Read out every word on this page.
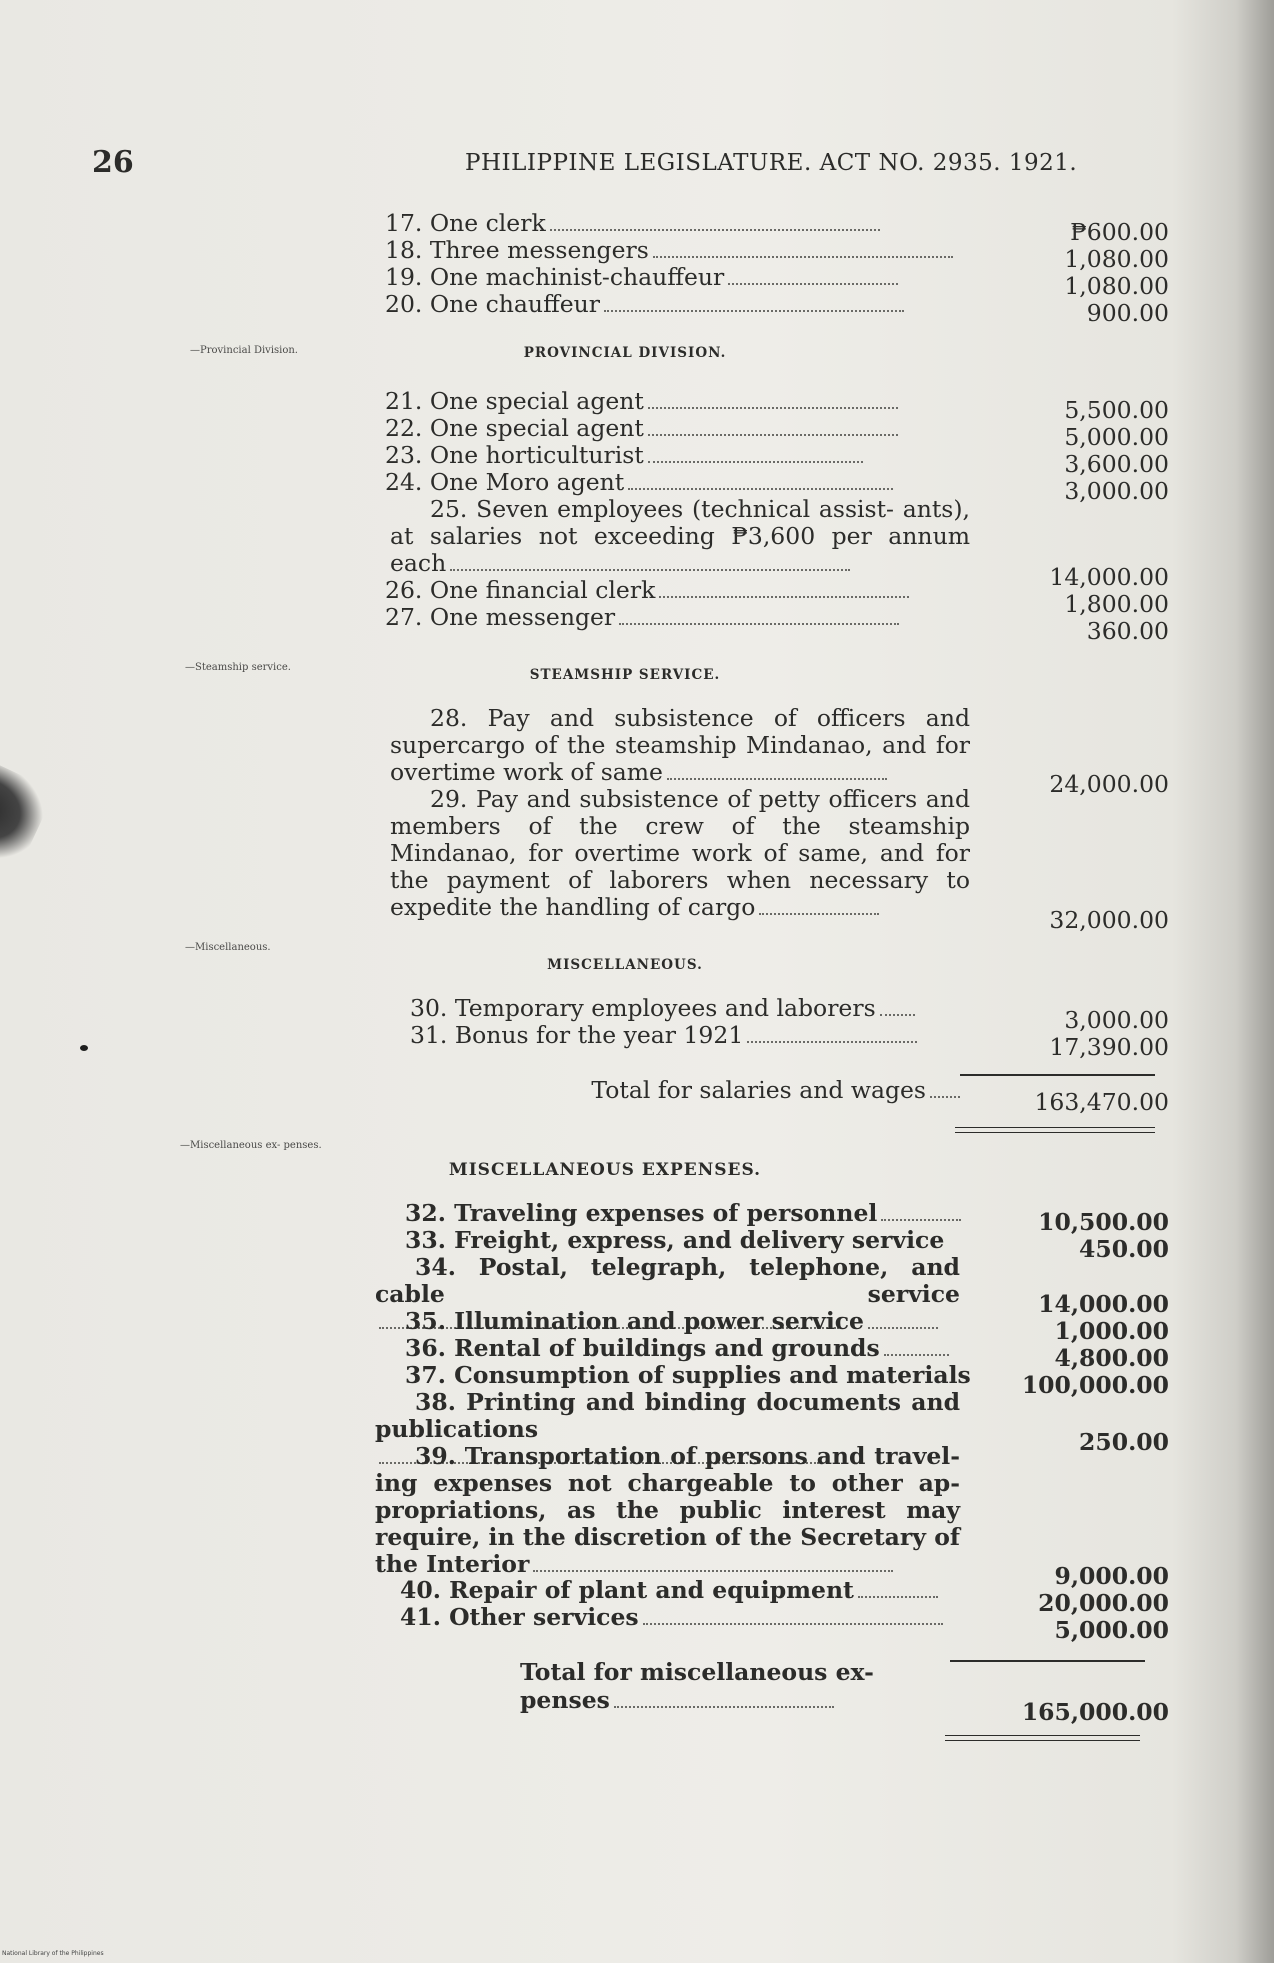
26	PHILIPPINE LEGISLATURE. ACT NO. 2935. 1921.
17. One clerk	₱600.00
18. Three messengers	1,080.00
19. One machinist-chauffeur	1,080.00
20. One chauffeur	900.00
—Provincial Division.	PROVINCIAL DIVISION.
21. One special agent	5,500.00
22. One special agent	5,000.00
23. One horticulturist	3,600.00
24. One Moro agent	3,000.00
25. Seven employees (technical assist- ants), at salaries not exceeding ₱3,600 per annum each	14,000.00
26. One financial clerk	1,800.00
27. One messenger	360.00
—Steamship service.	STEAMSHIP SERVICE.
28. Pay and subsistence of officers and supercargo of the steamship Mindanao, and for overtime work of same	24,000.00
29. Pay and subsistence of petty officers and members of the crew of the steamship Mindanao, for overtime work of same, and for the payment of laborers when necessary to expedite the handling of cargo	32,000.00
—Miscellaneous.
MISCELLANEOUS.
30. Temporary employees and laborers	3,000.00
31. Bonus for the year 1921	17,390.00
Total for salaries and wages	163,470.00
—Miscellaneous ex- penses.
MISCELLANEOUS EXPENSES.
32. Traveling expenses of personnel	10,500.00
33. Freight, express, and delivery service	450.00
34. Postal, telegraph, telephone, and cable service	14,000.00
35. Illumination and power service	1,000.00
36. Rental of buildings and grounds	4,800.00
37. Consumption of supplies and materials	100,000.00
38. Printing and binding documents and publications	250.00
39. Transportation of persons and travel- ing expenses not chargeable to other ap- propriations, as the public interest may require, in the discretion of the Secretary of the Interior	9,000.00
40. Repair of plant and equipment	20,000.00
41. Other services	5,000.00
Total for miscellaneous ex- penses	165,000.00
National Library of the Philippines
